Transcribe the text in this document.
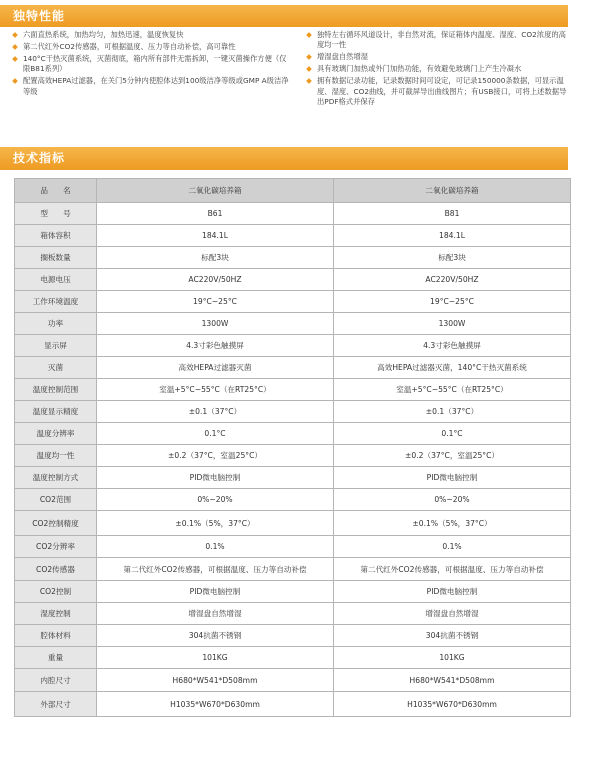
独特性能
六面直热系统，加热均匀，加热迅速，温度恢复快
第二代红外CO2传感器，可根据温度、压力等自动补偿，高可靠性
140°C干热灭菌系统，灭菌彻底，箱内所有部件无需拆卸，一键灭菌操作方便（仅限B81系列）
配置高效HEPA过滤器，在关门5分钟内使腔体达到100级洁净等级或GMP A级洁净等级
独特左右循环风道设计，非自然对流，保证箱体内温度、湿度、CO2浓度的高度均一性
增湿盘自然增湿
具有玻璃门加热或外门加热功能，有效避免玻璃门上产生冷凝水
拥有数据记录功能，记录数据时间可设定，可记录150000条数据，可显示温度、湿度、CO2曲线，并可截屏导出曲线图片；有USB接口，可将上述数据导出PDF格式并保存
技术指标
品　　名	二氧化碳培养箱	二氧化碳培养箱
型　　号	B61	B81
箱体容积	184.1L	184.1L
搁板数量	标配3块	标配3块
电源电压	AC220V/50HZ	AC220V/50HZ
工作环境温度	19°C~25°C	19°C~25°C
功率	1300W	1300W
显示屏	4.3寸彩色触摸屏	4.3寸彩色触摸屏
灭菌	高效HEPA过滤器灭菌	高效HEPA过滤器灭菌，140°C干热灭菌系统
温度控制范围	室温+5°C~55°C（在RT25°C）	室温+5°C~55°C（在RT25°C）
温度显示精度	±0.1（37°C）	±0.1（37°C）
温度分辨率	0.1°C	0.1°C
温度均一性	±0.2（37°C，室温25°C）	±0.2（37°C，室温25°C）
温度控制方式	PID微电脑控制	PID微电脑控制
CO2范围	0%~20%	0%~20%
CO2控制精度	±0.1%（5%，37°C）	±0.1%（5%，37°C）
CO2分辨率	0.1%	0.1%
CO2传感器	第二代红外CO2传感器，可根据温度、压力等自动补偿	第二代红外CO2传感器，可根据温度、压力等自动补偿
CO2控制	PID微电脑控制	PID微电脑控制
湿度控制	增湿盘自然增湿	增湿盘自然增湿
腔体材料	304抗菌不锈钢	304抗菌不锈钢
重量	101KG	101KG
内腔尺寸	H680*W541*D508mm	H680*W541*D508mm
外部尺寸	H1035*W670*D630mm	H1035*W670*D630mm
